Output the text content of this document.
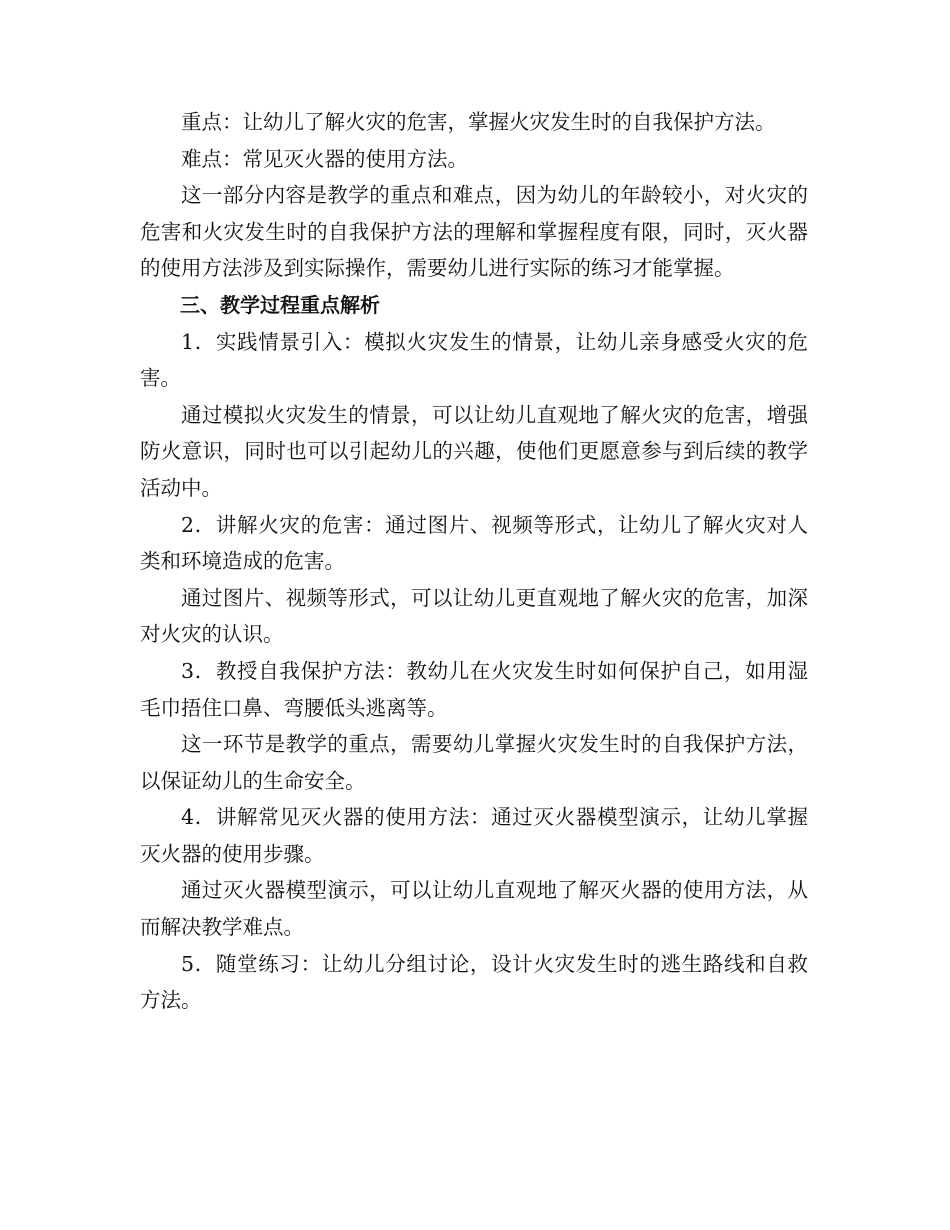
重点：让幼儿了解火灾的危害，掌握火灾发生时的自我保护方法。

难点：常见灭火器的使用方法。

这一部分内容是教学的重点和难点，因为幼儿的年龄较小，对火灾的危害和火灾发生时的自我保护方法的理解和掌握程度有限，同时，灭火器的使用方法涉及到实际操作，需要幼儿进行实际的练习才能掌握。

三、教学过程重点解析

1．实践情景引入：模拟火灾发生的情景，让幼儿亲身感受火灾的危害。

通过模拟火灾发生的情景，可以让幼儿直观地了解火灾的危害，增强防火意识，同时也可以引起幼儿的兴趣，使他们更愿意参与到后续的教学活动中。

2．讲解火灾的危害：通过图片、视频等形式，让幼儿了解火灾对人类和环境造成的危害。

通过图片、视频等形式，可以让幼儿更直观地了解火灾的危害，加深对火灾的认识。

3．教授自我保护方法：教幼儿在火灾发生时如何保护自己，如用湿毛巾捂住口鼻、弯腰低头逃离等。

这一环节是教学的重点，需要幼儿掌握火灾发生时的自我保护方法，以保证幼儿的生命安全。

4．讲解常见灭火器的使用方法：通过灭火器模型演示，让幼儿掌握灭火器的使用步骤。

通过灭火器模型演示，可以让幼儿直观地了解灭火器的使用方法，从而解决教学难点。

5．随堂练习：让幼儿分组讨论，设计火灾发生时的逃生路线和自救方法。
